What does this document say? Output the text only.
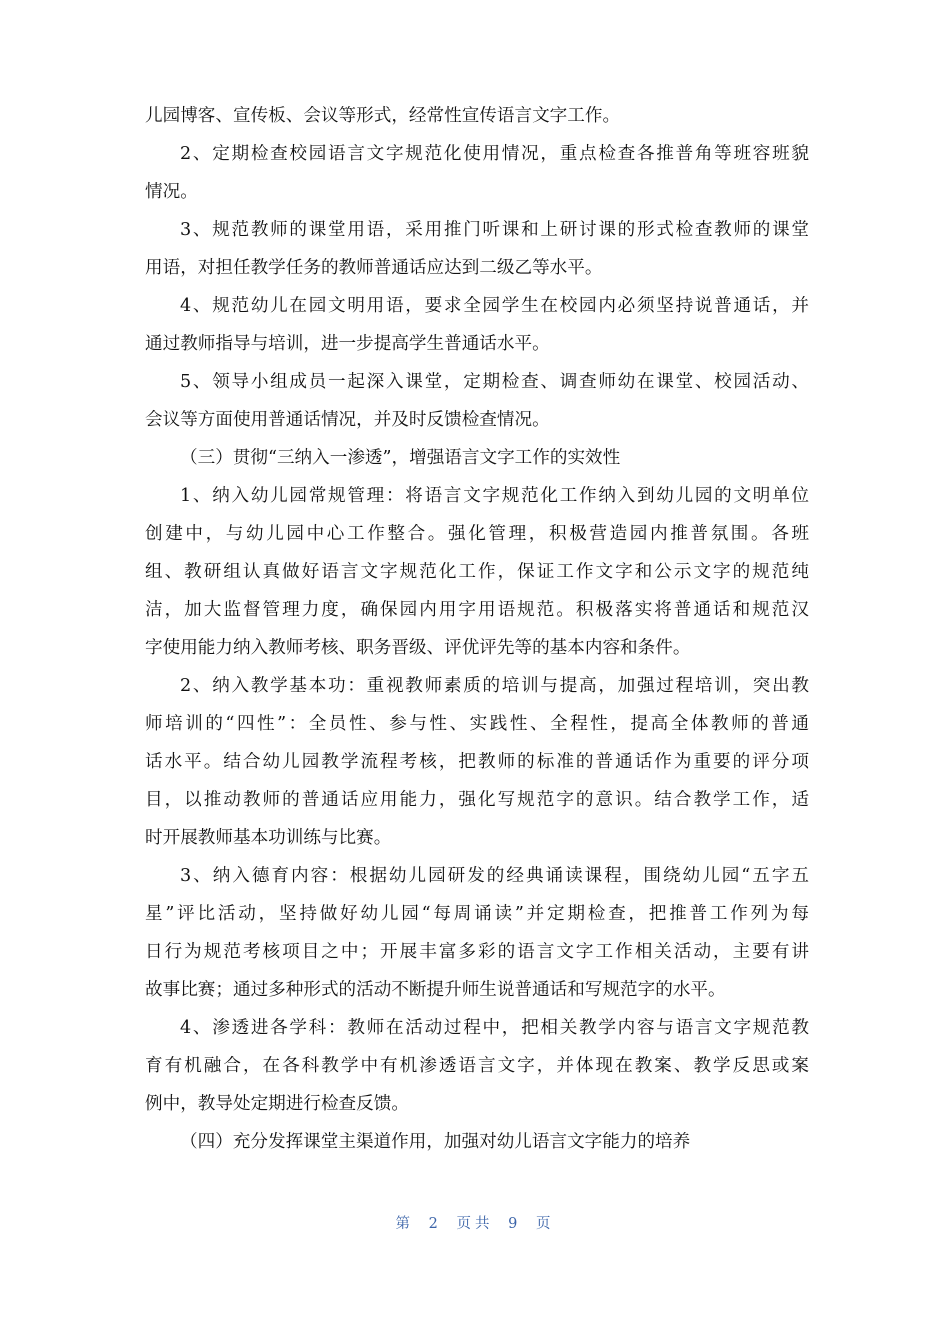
儿园博客、宣传板、会议等形式，经常性宣传语言文字工作。
2、定期检查校园语言文字规范化使用情况，重点检查各推普角等班容班貌
情况。
3、规范教师的课堂用语，采用推门听课和上研讨课的形式检查教师的课堂
用语，对担任教学任务的教师普通话应达到二级乙等水平。
4、规范幼儿在园文明用语，要求全园学生在校园内必须坚持说普通话，并
通过教师指导与培训，进一步提高学生普通话水平。
5、领导小组成员一起深入课堂，定期检查、调查师幼在课堂、校园活动、
会议等方面使用普通话情况，并及时反馈检查情况。
（三）贯彻“三纳入一渗透”，增强语言文字工作的实效性
1、纳入幼儿园常规管理：将语言文字规范化工作纳入到幼儿园的文明单位
创建中，与幼儿园中心工作整合。强化管理，积极营造园内推普氛围。各班
组、教研组认真做好语言文字规范化工作，保证工作文字和公示文字的规范纯
洁，加大监督管理力度，确保园内用字用语规范。积极落实将普通话和规范汉
字使用能力纳入教师考核、职务晋级、评优评先等的基本内容和条件。
2、纳入教学基本功：重视教师素质的培训与提高，加强过程培训，突出教
师培训的“四性”：全员性、参与性、实践性、全程性，提高全体教师的普通
话水平。结合幼儿园教学流程考核，把教师的标准的普通话作为重要的评分项
目，以推动教师的普通话应用能力，强化写规范字的意识。结合教学工作，适
时开展教师基本功训练与比赛。
3、纳入德育内容：根据幼儿园研发的经典诵读课程，围绕幼儿园“五字五
星”评比活动，坚持做好幼儿园“每周诵读”并定期检查，把推普工作列为每
日行为规范考核项目之中；开展丰富多彩的语言文字工作相关活动，主要有讲
故事比赛；通过多种形式的活动不断提升师生说普通话和写规范字的水平。
4、渗透进各学科：教师在活动过程中，把相关教学内容与语言文字规范教
育有机融合，在各科教学中有机渗透语言文字，并体现在教案、教学反思或案
例中，教导处定期进行检查反馈。
（四）充分发挥课堂主渠道作用，加强对幼儿语言文字能力的培养
第 2 页共 9 页
